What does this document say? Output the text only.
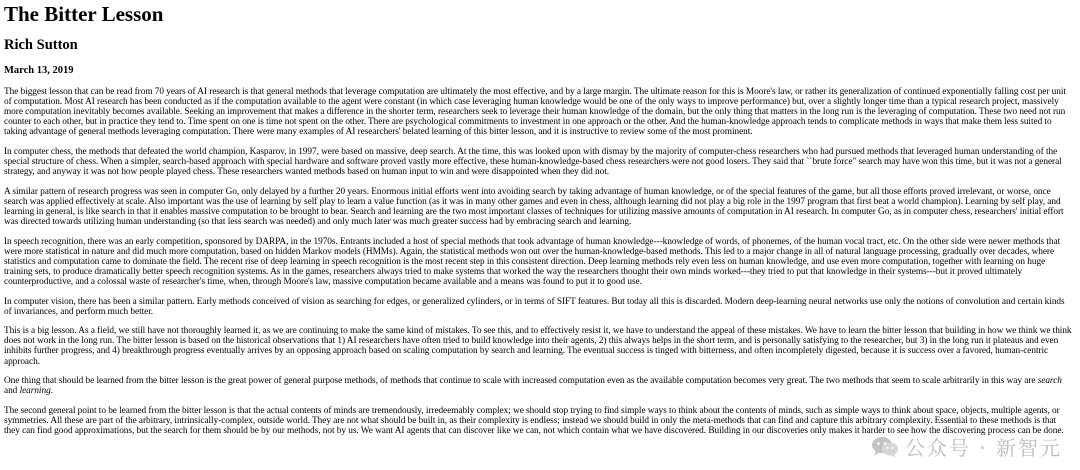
The Bitter Lesson
Rich Sutton
March 13, 2019

The biggest lesson that can be read from 70 years of AI research is that general methods that leverage computation are ultimately the most effective, and by a large margin. The ultimate reason for this is Moore's law, or rather its generalization of continued exponentially falling cost per unit of computation. Most AI research has been conducted as if the computation available to the agent were constant (in which case leveraging human knowledge would be one of the only ways to improve performance) but, over a slightly longer time than a typical research project, massively more computation inevitably becomes available. Seeking an improvement that makes a difference in the shorter term, researchers seek to leverage their human knowledge of the domain, but the only thing that matters in the long run is the leveraging of computation. These two need not run counter to each other, but in practice they tend to. Time spent on one is time not spent on the other. There are psychological commitments to investment in one approach or the other. And the human-knowledge approach tends to complicate methods in ways that make them less suited to taking advantage of general methods leveraging computation. There were many examples of AI researchers' belated learning of this bitter lesson, and it is instructive to review some of the most prominent.

In computer chess, the methods that defeated the world champion, Kasparov, in 1997, were based on massive, deep search. At the time, this was looked upon with dismay by the majority of computer-chess researchers who had pursued methods that leveraged human understanding of the special structure of chess. When a simpler, search-based approach with special hardware and software proved vastly more effective, these human-knowledge-based chess researchers were not good losers. They said that ``brute force" search may have won this time, but it was not a general strategy, and anyway it was not how people played chess. These researchers wanted methods based on human input to win and were disappointed when they did not.

A similar pattern of research progress was seen in computer Go, only delayed by a further 20 years. Enormous initial efforts went into avoiding search by taking advantage of human knowledge, or of the special features of the game, but all those efforts proved irrelevant, or worse, once search was applied effectively at scale. Also important was the use of learning by self play to learn a value function (as it was in many other games and even in chess, although learning did not play a big role in the 1997 program that first beat a world champion). Learning by self play, and learning in general, is like search in that it enables massive computation to be brought to bear. Search and learning are the two most important classes of techniques for utilizing massive amounts of computation in AI research. In computer Go, as in computer chess, researchers' initial effort was directed towards utilizing human understanding (so that less search was needed) and only much later was much greater success had by embracing search and learning.

In speech recognition, there was an early competition, sponsored by DARPA, in the 1970s. Entrants included a host of special methods that took advantage of human knowledge---knowledge of words, of phonemes, of the human vocal tract, etc. On the other side were newer methods that were more statistical in nature and did much more computation, based on hidden Markov models (HMMs). Again, the statistical methods won out over the human-knowledge-based methods. This led to a major change in all of natural language processing, gradually over decades, where statistics and computation came to dominate the field. The recent rise of deep learning in speech recognition is the most recent step in this consistent direction. Deep learning methods rely even less on human knowledge, and use even more computation, together with learning on huge training sets, to produce dramatically better speech recognition systems. As in the games, researchers always tried to make systems that worked the way the researchers thought their own minds worked---they tried to put that knowledge in their systems---but it proved ultimately counterproductive, and a colossal waste of researcher's time, when, through Moore's law, massive computation became available and a means was found to put it to good use.

In computer vision, there has been a similar pattern. Early methods conceived of vision as searching for edges, or generalized cylinders, or in terms of SIFT features. But today all this is discarded. Modern deep-learning neural networks use only the notions of convolution and certain kinds of invariances, and perform much better.

This is a big lesson. As a field, we still have not thoroughly learned it, as we are continuing to make the same kind of mistakes. To see this, and to effectively resist it, we have to understand the appeal of these mistakes. We have to learn the bitter lesson that building in how we think we think does not work in the long run. The bitter lesson is based on the historical observations that 1) AI researchers have often tried to build knowledge into their agents, 2) this always helps in the short term, and is personally satisfying to the researcher, but 3) in the long run it plateaus and even inhibits further progress, and 4) breakthrough progress eventually arrives by an opposing approach based on scaling computation by search and learning. The eventual success is tinged with bitterness, and often incompletely digested, because it is success over a favored, human-centric approach.

One thing that should be learned from the bitter lesson is the great power of general purpose methods, of methods that continue to scale with increased computation even as the available computation becomes very great. The two methods that seem to scale arbitrarily in this way are search and learning.

The second general point to be learned from the bitter lesson is that the actual contents of minds are tremendously, irredeemably complex; we should stop trying to find simple ways to think about the contents of minds, such as simple ways to think about space, objects, multiple agents, or symmetries. All these are part of the arbitrary, intrinsically-complex, outside world. They are not what should be built in, as their complexity is endless; instead we should build in only the meta-methods that can find and capture this arbitrary complexity. Essential to these methods is that they can find good approximations, but the search for them should be by our methods, not by us. We want AI agents that can discover like we can, not which contain what we have discovered. Building in our discoveries only makes it harder to see how the discovering process can be done.

公众号 · 新智元
